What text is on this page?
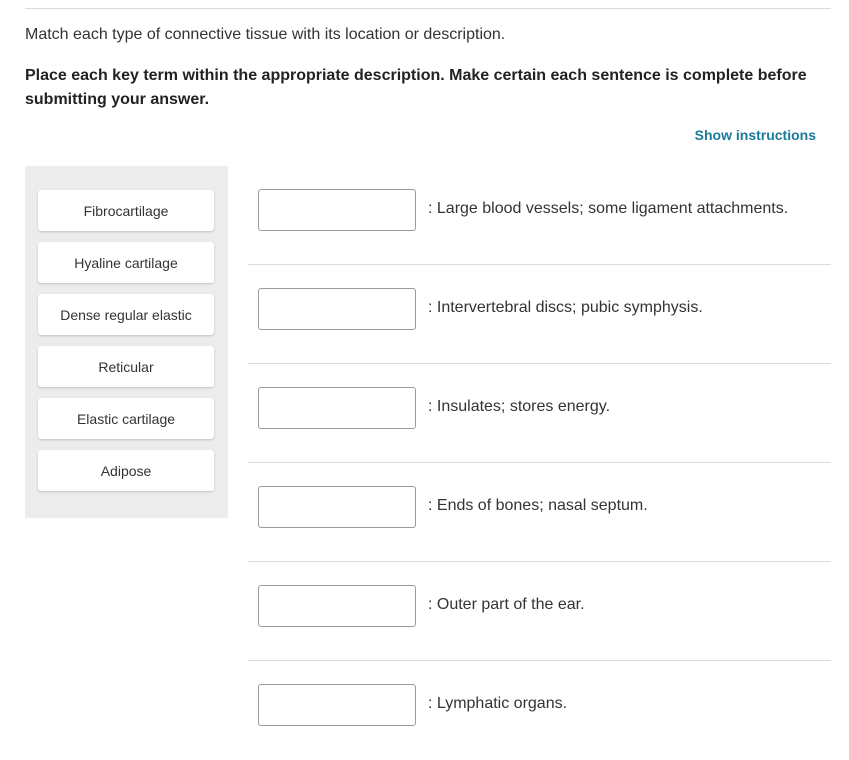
Match each type of connective tissue with its location or description.
Place each key term within the appropriate description. Make certain each sentence is complete before submitting your answer.
Show instructions
Fibrocartilage
Hyaline cartilage
Dense regular elastic
Reticular
Elastic cartilage
Adipose
: Large blood vessels; some ligament attachments.
: Intervertebral discs; pubic symphysis.
: Insulates; stores energy.
: Ends of bones; nasal septum.
: Outer part of the ear.
: Lymphatic organs.
